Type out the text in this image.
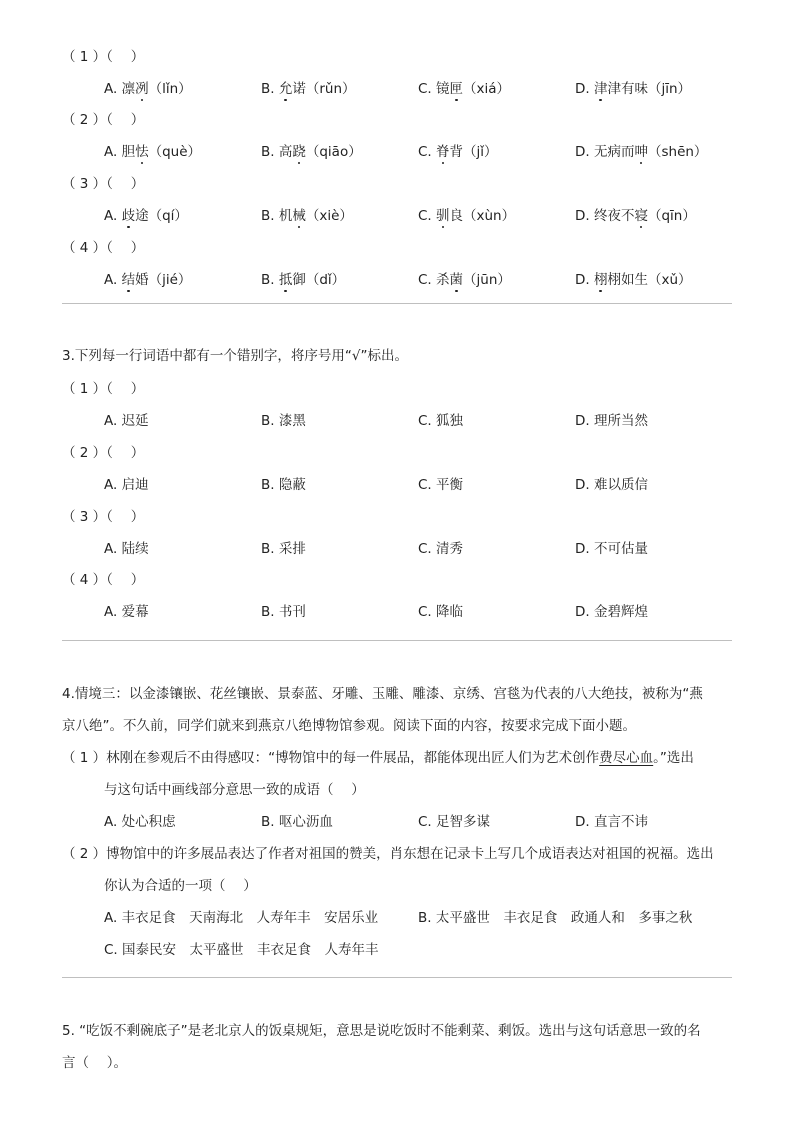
（ 1 ）（　 ）
A. 凛冽（lǐn）	B. 允诺（rǔn）	C. 镜匣（xiá）	D. 津津有味（jīn）
（ 2 ）（　 ）
A. 胆怯（què）	B. 高跷（qiāo）	C. 脊背（jǐ）	D. 无病而呻（shēn）
（ 3 ）（　 ）
A. 歧途（qí）	B. 机械（xiè）	C. 驯良（xùn）	D. 终夜不寝（qīn）
（ 4 ）（　 ）
A. 结婚（jié）	B. 抵御（dǐ）	C. 杀菌（jūn）	D. 栩栩如生（xǔ）
3.下列每一行词语中都有一个错别字，将序号用“√”标出。
（ 1 ）（　 ）
A. 迟延	B. 漆黑	C. 狐独	D. 理所当然
（ 2 ）（　 ）
A. 启迪	B. 隐蔽	C. 平衡	D. 难以质信
（ 3 ）（　 ）
A. 陆续	B. 采排	C. 清秀	D. 不可估量
（ 4 ）（　 ）
A. 爱幕	B. 书刊	C. 降临	D. 金碧辉煌
4.情境三：以金漆镶嵌、花丝镶嵌、景泰蓝、牙雕、玉雕、雕漆、京绣、宫毯为代表的八大绝技，被称为“燕
京八绝”。不久前，同学们就来到燕京八绝博物馆参观。阅读下面的内容，按要求完成下面小题。
（ 1 ）林刚在参观后不由得感叹：“博物馆中的每一件展品，都能体现出匠人们为艺术创作费尽心血。”选出
与这句话中画线部分意思一致的成语（　 ）
A. 处心积虑	B. 呕心沥血	C. 足智多谋	D. 直言不讳
（ 2 ）博物馆中的许多展品表达了作者对祖国的赞美，肖东想在记录卡上写几个成语表达对祖国的祝福。选出
你认为合适的一项（　 ）
A. 丰衣足食　天南海北　人寿年丰　安居乐业	B. 太平盛世　丰衣足食　政通人和　多事之秋
C. 国泰民安　太平盛世　丰衣足食　人寿年丰
5. “吃饭不剩碗底子”是老北京人的饭桌规矩，意思是说吃饭时不能剩菜、剩饭。选出与这句话意思一致的名
言（　 ）。
